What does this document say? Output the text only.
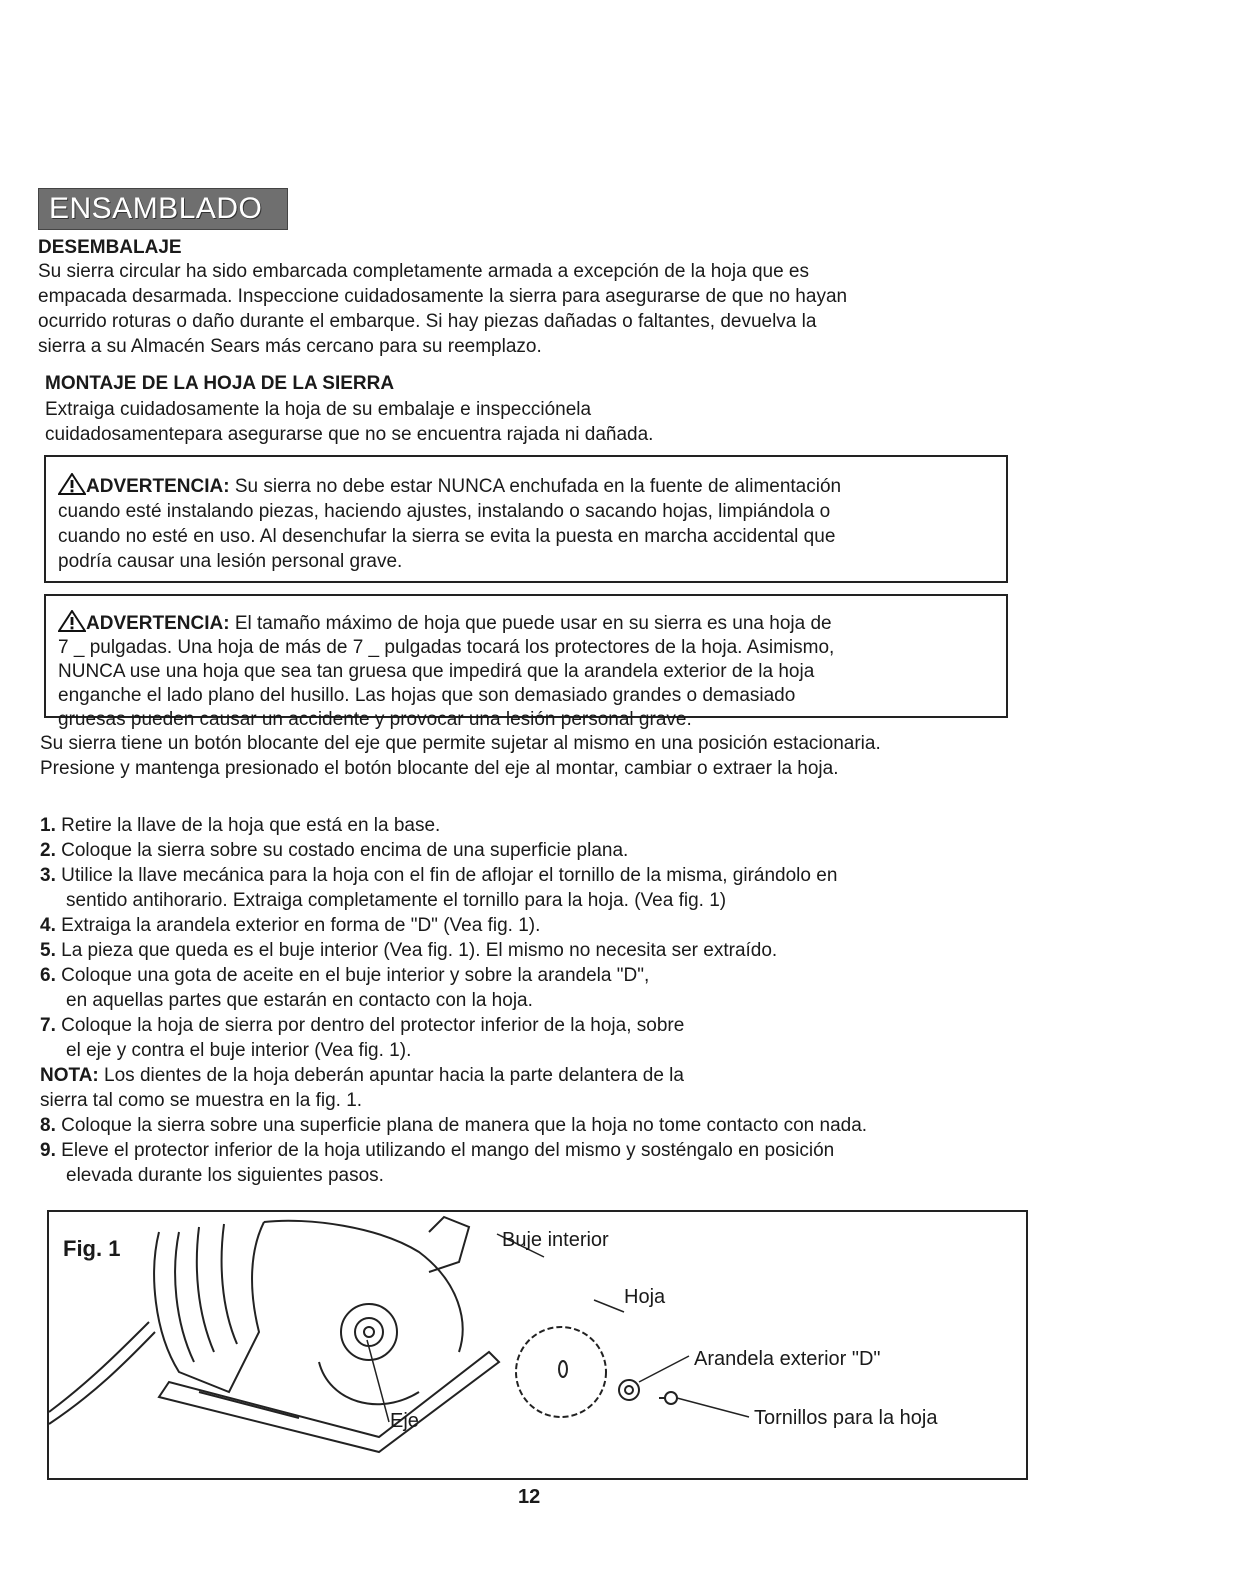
ENSAMBLADO
DESEMBALAJE
Su sierra circular ha sido embarcada completamente armada a excepción de la hoja que es
empacada desarmada. Inspeccione cuidadosamente la sierra para asegurarse de que no hayan
ocurrido roturas o daño durante el embarque. Si hay piezas dañadas o faltantes, devuelva la
sierra a su Almacén Sears más cercano para su reemplazo.
MONTAJE DE LA HOJA DE LA SIERRA
Extraiga cuidadosamente la hoja de su embalaje e inspecciónela
cuidadosamentepara asegurarse que no se encuentra rajada ni dañada.
ADVERTENCIA: Su sierra no debe estar NUNCA enchufada en la fuente de alimentación
cuando esté instalando piezas, haciendo ajustes, instalando o sacando hojas, limpiándola o
cuando no esté en uso. Al desenchufar la sierra se evita la puesta en marcha accidental que
podría causar una lesión personal grave.
ADVERTENCIA: El tamaño máximo de hoja que puede usar en su sierra es una hoja de
7 _ pulgadas. Una hoja de más de 7 _ pulgadas tocará los protectores de la hoja. Asimismo,
NUNCA use una hoja que sea tan gruesa que impedirá que la arandela exterior de la hoja
enganche el lado plano del husillo. Las hojas que son demasiado grandes o demasiado
gruesas pueden causar un accidente y provocar una lesión personal grave.
Su sierra tiene un botón blocante del eje que permite sujetar al mismo en una posición estacionaria.
Presione y mantenga presionado el botón blocante del eje al montar, cambiar o extraer la hoja.
1. Retire la llave de la hoja que está en la base.
2. Coloque la sierra sobre su costado encima de una superficie plana.
3. Utilice la llave mecánica para la hoja con el fin de aflojar el tornillo de la misma, girándolo en
sentido antihorario. Extraiga completamente el tornillo para la hoja. (Vea fig. 1)
4. Extraiga la arandela exterior en forma de "D" (Vea fig. 1).
5. La pieza que queda es el buje interior (Vea fig. 1). El mismo no necesita ser extraído.
6. Coloque una gota de aceite en el buje interior y sobre la arandela "D",
en aquellas partes que estarán en contacto con la hoja.
7. Coloque la hoja de sierra por dentro del protector inferior de la hoja, sobre
el eje y contra el buje interior (Vea fig. 1).
NOTA: Los dientes de la hoja deberán apuntar hacia la parte delantera de la
sierra tal como se muestra en la fig. 1.
8. Coloque la sierra sobre una superficie plana de manera que la hoja no tome contacto con nada.
9. Eleve el protector inferior de la hoja utilizando el mango del mismo y sosténgalo en posición
elevada durante los siguientes pasos.
Fig. 1	Buje interior
Hoja
Arandela exterior "D"
Tornillos para la hoja
Eje
12
